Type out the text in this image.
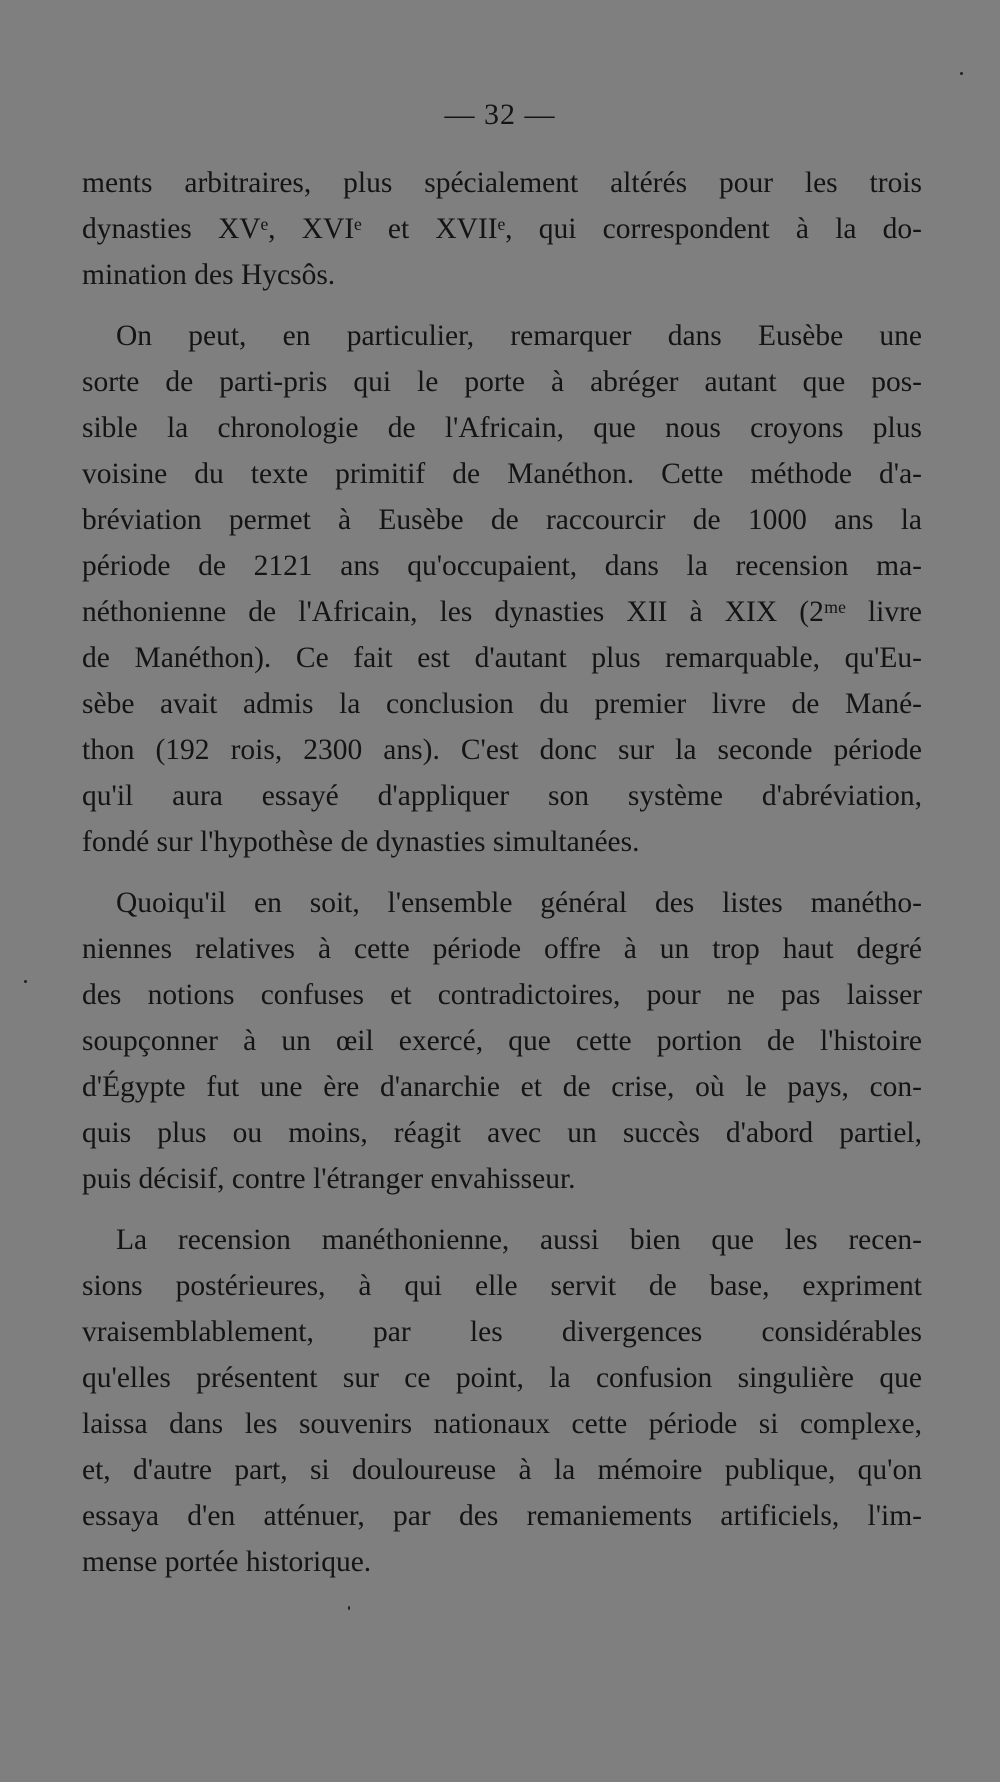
— 32 —
ments arbitraires, plus spécialement altérés pour les trois
dynasties XVᵉ, XVIᵉ et XVIIᵉ, qui correspondent à la do-
mination des Hycsôs.
On peut, en particulier, remarquer dans Eusèbe une
sorte de parti-pris qui le porte à abréger autant que pos-
sible la chronologie de l'Africain, que nous croyons plus
voisine du texte primitif de Manéthon. Cette méthode d'a-
bréviation permet à Eusèbe de raccourcir de 1000 ans la
période de 2121 ans qu'occupaient, dans la recension ma-
néthonienne de l'Africain, les dynasties XII à XIX (2ᵐᵉ livre
de Manéthon). Ce fait est d'autant plus remarquable, qu'Eu-
sèbe avait admis la conclusion du premier livre de Mané-
thon (192 rois, 2300 ans). C'est donc sur la seconde période
qu'il aura essayé d'appliquer son système d'abréviation,
fondé sur l'hypothèse de dynasties simultanées.
Quoiqu'il en soit, l'ensemble général des listes manétho-
niennes relatives à cette période offre à un trop haut degré
des notions confuses et contradictoires, pour ne pas laisser
soupçonner à un œil exercé, que cette portion de l'histoire
d'Égypte fut une ère d'anarchie et de crise, où le pays, con-
quis plus ou moins, réagit avec un succès d'abord partiel,
puis décisif, contre l'étranger envahisseur.
La recension manéthonienne, aussi bien que les recen-
sions postérieures, à qui elle servit de base, expriment
vraisemblablement, par les divergences considérables
qu'elles présentent sur ce point, la confusion singulière que
laissa dans les souvenirs nationaux cette période si complexe,
et, d'autre part, si douloureuse à la mémoire publique, qu'on
essaya d'en atténuer, par des remaniements artificiels, l'im-
mense portée historique.
